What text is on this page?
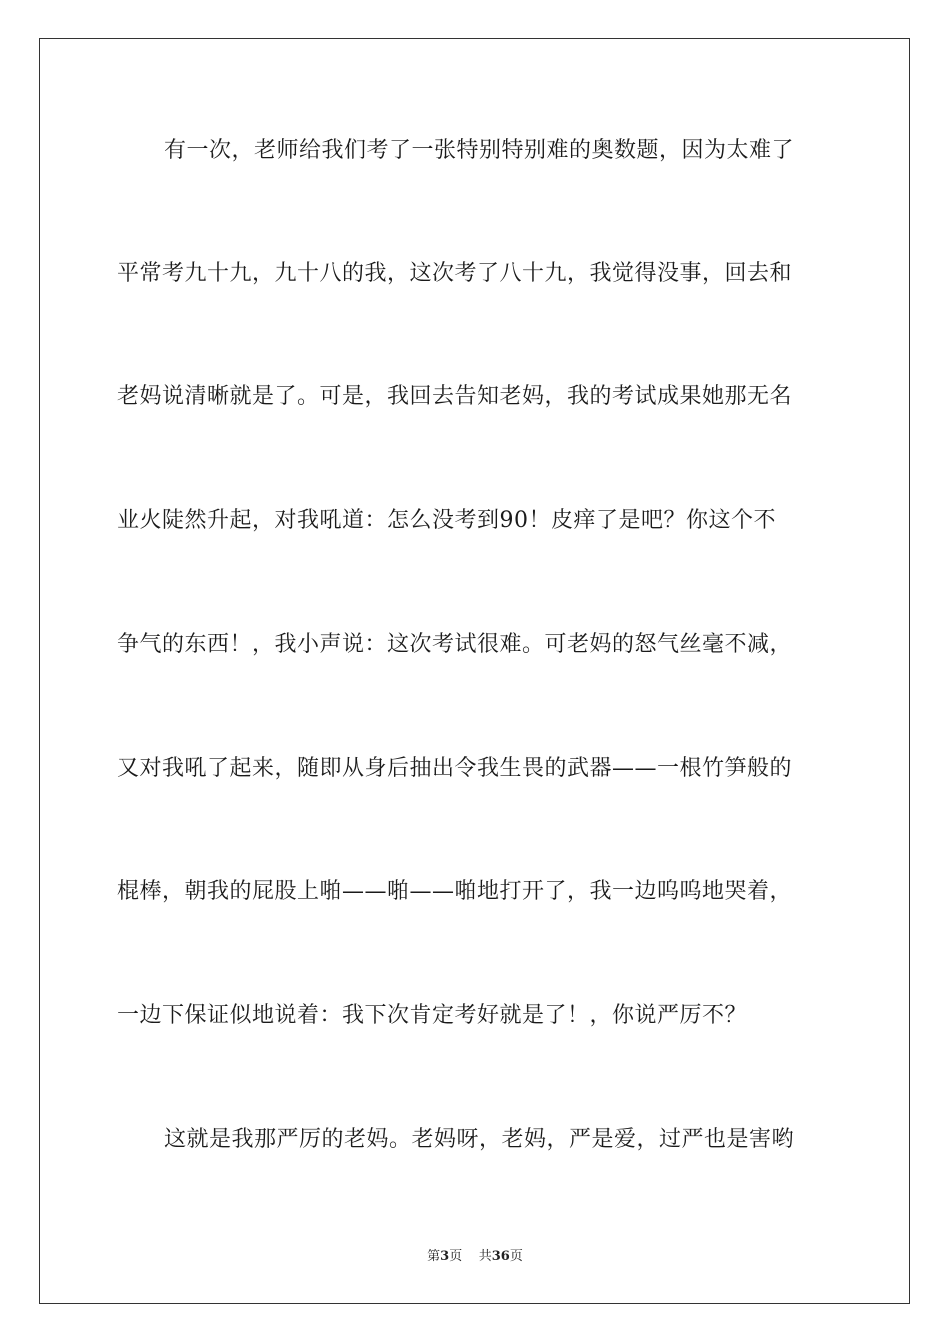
有一次，老师给我们考了一张特别特别难的奥数题，因为太难了
平常考九十九，九十八的我，这次考了八十九，我觉得没事，回去和
老妈说清晰就是了。可是，我回去告知老妈，我的考试成果她那无名
业火陡然升起，对我吼道：怎么没考到90！皮痒了是吧？你这个不
争气的东西！，我小声说：这次考试很难。可老妈的怒气丝毫不减，
又对我吼了起来，随即从身后抽出令我生畏的武器——一根竹笋般的
棍棒，朝我的屁股上啪——啪——啪地打开了，我一边呜呜地哭着，
一边下保证似地说着：我下次肯定考好就是了！，你说严厉不？
这就是我那严厉的老妈。老妈呀，老妈，严是爱，过严也是害哟
第3页 共36页
